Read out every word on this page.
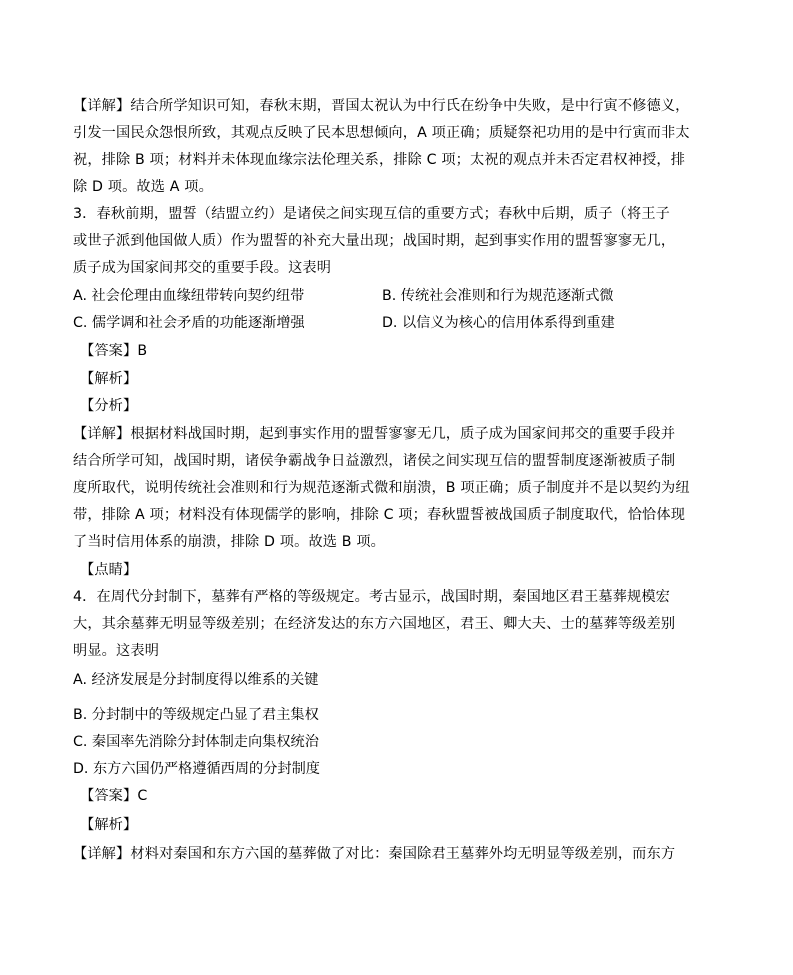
【详解】结合所学知识可知，春秋末期，晋国太祝认为中行氏在纷争中失败，是中行寅不修德义，
引发一国民众怨恨所致，其观点反映了民本思想倾向，A 项正确；质疑祭祀功用的是中行寅而非太
祝，排除 B 项；材料并未体现血缘宗法伦理关系，排除 C 项；太祝的观点并未否定君权神授，排
除 D 项。故选 A 项。
3．春秋前期，盟誓（结盟立约）是诸侯之间实现互信的重要方式；春秋中后期，质子（将王子
或世子派到他国做人质）作为盟誓的补充大量出现；战国时期，起到事实作用的盟誓寥寥无几，
质子成为国家间邦交的重要手段。这表明
A. 社会伦理由血缘纽带转向契约纽带	B. 传统社会准则和行为规范逐渐式微
C. 儒学调和社会矛盾的功能逐渐增强	D. 以信义为核心的信用体系得到重建
【答案】B
【解析】
【分析】
【详解】根据材料战国时期，起到事实作用的盟誓寥寥无几，质子成为国家间邦交的重要手段并
结合所学可知，战国时期，诸侯争霸战争日益激烈，诸侯之间实现互信的盟誓制度逐渐被质子制
度所取代，说明传统社会准则和行为规范逐渐式微和崩溃，B 项正确；质子制度并不是以契约为纽
带，排除 A 项；材料没有体现儒学的影响，排除 C 项；春秋盟誓被战国质子制度取代，恰恰体现
了当时信用体系的崩溃，排除 D 项。故选 B 项。
【点睛】
4．在周代分封制下，墓葬有严格的等级规定。考古显示，战国时期，秦国地区君王墓葬规模宏
大，其余墓葬无明显等级差别；在经济发达的东方六国地区，君王、卿大夫、士的墓葬等级差别
明显。这表明
A. 经济发展是分封制度得以维系的关键
B. 分封制中的等级规定凸显了君主集权
C. 秦国率先消除分封体制走向集权统治
D. 东方六国仍严格遵循西周的分封制度
【答案】C
【解析】
【详解】材料对秦国和东方六国的墓葬做了对比：秦国除君王墓葬外均无明显等级差别，而东方
